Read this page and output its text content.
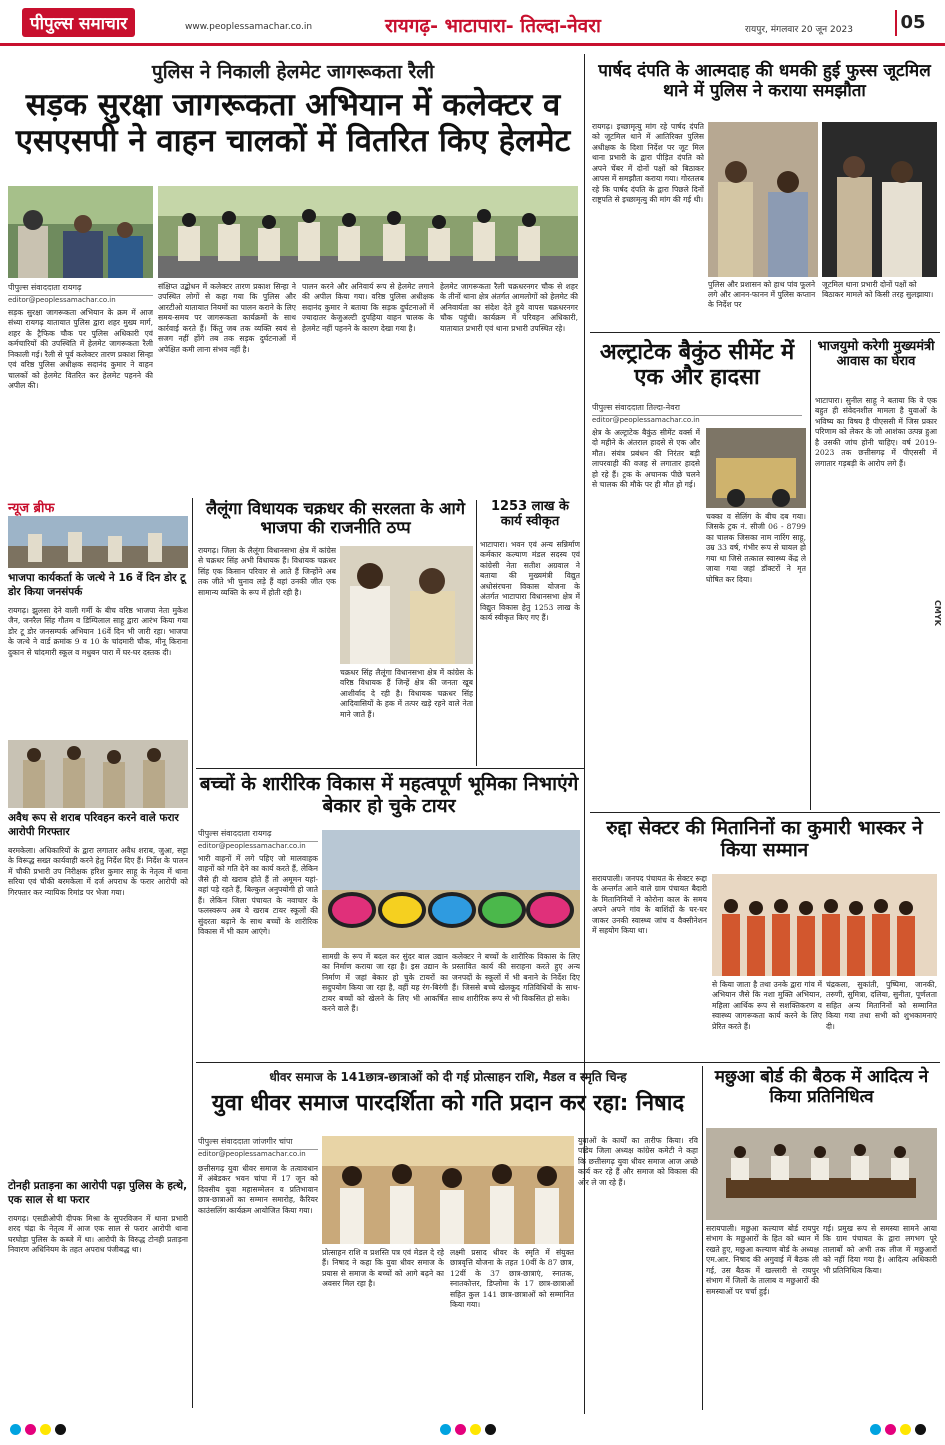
पीपुल्स समाचार	www.peoplessamachar.co.in	रायगढ़- भाटापारा- तिल्दा-नेवरा	रायपुर, मंगलवार 20 जून 2023	05
पुलिस ने निकाली हेलमेट जागरूकता रैली
सड़क सुरक्षा जागरूकता अभियान में कलेक्टर व एसएसपी ने वाहन चालकों में वितरित किए हेलमेट
पीपुल्स संवाददाता रायगढ़
editor@peoplessamachar.co.in
सड़क सुरक्षा जागरूकता अभियान के क्रम में आज संध्या रायगढ़ यातायात पुलिस द्वारा शहर मुख्य मार्ग, शहर के ट्रैफिक चौक पर पुलिस अधिकारी एवं कर्मचारियों की उपस्थिति में हेलमेट जागरूकता रैली निकाली गई। रैली से पूर्व कलेक्टर तारण प्रकाश सिन्हा एवं वरिष्ठ पुलिस अधीक्षक सदानंद कुमार ने वाहन चालकों को हेलमेट वितरित कर हेलमेट पहनने की अपील की।
संक्षिप्त उद्बोधन में कलेक्टर तारण प्रकाश सिन्हा ने उपस्थित लोगों से कहा गया कि पुलिस और आरटीओ यातायात नियमों का पालन कराने के लिए समय-समय पर जागरूकता कार्यक्रमों के साथ कार्रवाई करते हैं। किंतु जब तक व्यक्ति स्वयं से सजग नहीं होंगे तब तक सड़क दुर्घटनाओं में अपेक्षित कमी लाना संभव नहीं है।
पालन करने और अनिवार्य रूप से हेलमेट लगाने की अपील किया गया। वरिष्ठ पुलिस अधीक्षक सदानंद कुमार ने बताया कि सड़क दुर्घटनाओं में ज्यादातर केजुअल्टी दुपहिया वाहन चालक के हेलमेट नहीं पहनने के कारण देखा गया है।
हेलमेट जागरूकता रैली चक्रधरनगर चौक से शहर के तीनों थाना क्षेत्र अंतर्गत आमलोगों को हेलमेट की अनिवार्यता का संदेश देते हुये वापस चक्रधरनगर चौक पहुंची। कार्यक्रम में परिवहन अधिकारी, यातायात प्रभारी एवं थाना प्रभारी उपस्थित रहे।
पार्षद दंपति के आत्मदाह की धमकी हुई फुस्स जूटमिल थाने में पुलिस ने कराया समझौता
रायगढ़। इच्छामृत्यु मांग रहे पार्षद दंपति को जूटमिल थाने में आतिरिक्त पुलिस अधीक्षक के दिशा निर्देश पर जूट मिल थाना प्रभारी के द्वारा पीड़ित दंपति को अपने चेंबर में दोनों पक्षों को बिठाकर आपस में समझौता कराया गया। गोरतलब रहे कि पार्षद दंपति के द्वारा पिछले दिनों राष्ट्रपति से इच्छामृत्यु की मांग की गई थी।
पुलिस और प्रशासन को हाथ पांव फूलने लगे और आनन-फानन में पुलिस कप्तान के निर्देश पर
जूटमिल थाना प्रभारी दोनों पक्षों को बिठाकर मामले को किसी तरह सुलझाया।
अल्ट्राटेक बैकुंठ सीमेंट में एक और हादसा
पीपुल्स संवाददाता तिल्दा-नेवरा
editor@peoplessamachar.co.in
क्षेत्र के अल्ट्राटेक बैकुंठ सीमेंट वर्क्स में दो महीने के अंतराल हादसे से एक और मौत। संयंत्र प्रबंधन की निरंतर बड़ी लापरवाही की वजह से लगातार हादसे हो रहे हैं। ट्रक के अचानक पीछे चलने से चालक की मौके पर ही मौत हो गई।
चक्का व सेलिंग के बीच दब गया। जिसके ट्रक नं. सीजी 06 - 8799 का चालक जिसका नाम नारिंग साहू, उम्र 33 वर्ष, गंभीर रूप से घायल हो गया था जिसे तत्काल स्वास्थ्य केंद्र ले जाया गया जहां डॉक्टरों ने मृत घोषित कर दिया।
भाजयुमो करेगी मुख्यमंत्री आवास का घेराव
भाटापारा। सुनील साहू ने बताया कि वे एक बहुत ही संवेदनशील मामला है युवाओं के भविष्य का विषय है पीएससी में जिस प्रकार परिणाम को लेकर के जो आशंका उत्पन्न हुआ है उसकी जांच होनी चाहिए। वर्ष 2019-2023 तक छत्तीसगढ़ में पीएससी में लगातार गड़बड़ी के आरोप लगे हैं।
न्यूज ब्रीफ
भाजपा कार्यकर्ता के जत्थे ने 16 वें दिन डोर टू डोर किया जनसंपर्क
रायगढ़। झुलसा देने वाली गर्मी के बीच वरिष्ठ भाजपा नेता मुकेश जैन, जनरैल सिंह गौतम व डिम्पिलाल साहू द्वारा आरंभ किया गया डोर टू डोर जनसम्पर्क अभियान 16वें दिन भी जारी रहा। भाजपा के जत्थे ने वार्ड क्रमांक 9 व 10 के चांदमारी चौक, मीनू किराना दुकान से चांदमारी स्कूल व मधुबन पारा में घर-घर दस्तक दी।
अवैध रूप से शराब परिवहन करने वाले फरार आरोपी गिरफ्तार
बरमकेला। अधिकारियों के द्वारा लगातार अवैध शराब, जुआ, सट्टा के विरूद्ध सख्त कार्यवाही करने हेतु निर्देश दिए हैं। निर्देश के पालन में चौकी प्रभारी उप निरीक्षक हरिश कुमार साहू के नेतृत्व में थाना सरिया एवं चौकी बरमकेला में दर्ज अपराध के फरार आरोपी को गिरफ्तार कर न्यायिक रिमांड पर भेजा गया।
टोनही प्रताड़ना का आरोपी पढ़ा पुलिस के हत्थे, एक साल से था फरार
रायगढ़। एसडीओपी दीपक मिश्रा के सुपरविजन में थाना प्रभारी शरद चंद्रा के नेतृत्व में आज एक साल से फरार आरोपी थाना घरघोड़ा पुलिस के कब्जे में था। आरोपी के विरुद्ध टोनही प्रताड़ना निवारण अधिनियम के तहत अपराध पंजीबद्ध था।
लैलूंगा विधायक चक्रधर की सरलता के आगे भाजपा की राजनीति ठप्प
रायगढ़। जिला के लैलूंगा विधानसभा क्षेत्र में कांग्रेस से चक्रधर सिंह अभी विधायक हैं। विधायक चक्रधर सिंह एक किसान परिवार से आते हैं जिन्होंने अब तक जीते भी चुनाव लड़े हैं वहां उनकी जीत एक सामान्य व्यक्ति के रूप में होती रही है।
चक्रधर सिंह लैलूंगा विधानसभा क्षेत्र में कांग्रेस के वरिष्ठ विधायक हैं जिन्हें क्षेत्र की जनता खूब आशीर्वाद दे रही है। विधायक चक्रधर सिंह आदिवासियों के हक में तत्पर खड़े रहने वाले नेता माने जाते हैं।
1253 लाख के कार्य स्वीकृत
भाटापारा। भवन एवं अन्य सन्निर्माण कर्मकार कल्याण मंडल सदस्य एवं कांग्रेसी नेता सतीश अग्रवाल ने बताया की मुख्यमंत्री विद्युत अधोसंरचना विकास योजना के अंतर्गत भाटापारा विधानसभा क्षेत्र में विद्युत विकास हेतु 1253 लाख के कार्य स्वीकृत किए गए हैं।
बच्चों के शारीरिक विकास में महत्वपूर्ण भूमिका निभाएंगे बेकार हो चुके टायर
पीपुल्स संवाददाता रायगढ़
editor@peoplessamachar.co.in
भारी वाहनों में लगे पहिए जो मालवाहक वाहनों को गति देने का कार्य करते हैं, लेकिन जैसे ही वो खराब होते हैं तो अमूमन यहां-वहां पड़े रहते हैं, बिल्कुल अनुपयोगी हो जाते हैं। लेकिन जिला पंचायत के नवाचार के फलस्वरूप अब ये खराब टायर स्कूलों की सुंदरता बढ़ाने के साथ बच्चों के शारीरिक विकास में भी काम आएंगे।
सामग्री के रूप में बदल कर सुंदर बाल उद्यान का निर्माण कराया जा रहा है। इस उद्यान के निर्माण में जहां बेकार हो चुके टायरों का सदुपयोग किया जा रहा है, वहीं यह रंग-बिरंगी टायर बच्चों को खेलने के लिए भी आकर्षित करने वाले हैं।
कलेक्टर ने बच्चों के शारीरिक विकास के लिए प्रस्तावित कार्य की सराहना करते हुए अन्य जनपदों के स्कूलों में भी बनाने के निर्देश दिए हैं। जिससे बच्चे खेलकूद गतिविधियों के साथ-साथ शारीरिक रूप से भी विकसित हो सके।
रुद्दा सेक्टर की मितानिनों का कुमारी भास्कर ने किया सम्मान
सरायपाली। जनपद पंचायत के सेक्टर रूद्दा के अन्तर्गत आने वाले ग्राम पंचायत बैदारी के मितानिनियों ने कोरोना काल के समय अपने अपने गांव के बाशिंदों के घर-घर जाकर उनकी स्वास्थ्य जांच व वैक्सीनेशन में सहयोग किया था।
से किया जाता है तथा उनके द्वारा गांव में अभियान जैसे कि नशा मुक्ति अभियान, महिला आर्थिक रूप से सशक्तिकरण व स्वास्थ्य जागरूकता कार्य करने के लिए प्रेरित करते हैं।
चंद्रकला, सुकांती, पुष्पिमा, जानकी, तरुणी, सुमित्रा, दलिया, सुनीता, पूर्णलता सहित अन्य मितानिनों को सम्मानित किया गया तथा सभी को शुभकामनाएं दी।
धीवर समाज के 141छात्र-छात्राओं को दी गई प्रोत्साहन राशि, मैडल व स्मृति चिन्ह
युवा धीवर समाज पारदर्शिता को गति प्रदान कर रहा: निषाद
पीपुल्स संवाददाता जांजगीर चांपा
editor@peoplessamachar.co.in
छत्तीसगढ़ युवा धीवर समाज के तत्वावधान में अंबेडकर भवन चांपा में 17 जून को दिवसीय युवा महासम्मेलन व प्रतिभावान छात्र-छात्राओं का सम्मान समारोह, कैरियर काउंसलिंग कार्यक्रम आयोजित किया गया।
प्रोत्साहन राशि व प्रशस्ति पत्र एवं मेडल दे रहे हैं। निषाद ने कहा कि युवा धीवर समाज के प्रयास से समाज के बच्चों को आगे बढ़ने का अवसर मिल रहा है।
लक्ष्मी प्रसाद धीवर के स्मृति में संयुक्त छात्रवृत्ति योजना के तहत 10वीं के 87 छात्र, 12वीं के 37 छात्र-छात्राएं, स्नातक, स्नातकोत्तर, डिप्लोमा के 17 छात्र-छात्राओं सहित कुल 141 छात्र-छात्राओं को सम्मानित किया गया।
युवाओं के कार्यों का तारीफ किया। रवि पांडेय जिला अध्यक्ष कांग्रेस कमेटी ने कहा कि छत्तीसगढ़ युवा धीवर समाज आज अच्छे कार्य कर रहे हैं और समाज को विकास की ओर ले जा रहे हैं।
मछुआ बोर्ड की बैठक में आदित्य ने किया प्रतिनिधित्व
सरायपाली। मछुआ कल्याण बोर्ड रायपुर संभाग के मछुआरों के हित को ध्यान में रखते हुए, मछुआ कल्याण बोर्ड के अध्यक्ष एम.आर. निषाद की अगुवाई में बैठक ली गई, उस बैठक में खल्लारी से रायपुर संभाग में जिलों के तालाब व मछुआरों की समस्याओं पर चर्चा हुई।
गई। प्रमुख रूप से समस्या सामने आया कि ग्राम पंचायत के द्वारा लगभग पूरे तालाबों को अभी तक लीज में मछुआरों को नहीं दिया गया है। आदित्य अधिकारी भी प्रतिनिधित्व किया।
CMYK
